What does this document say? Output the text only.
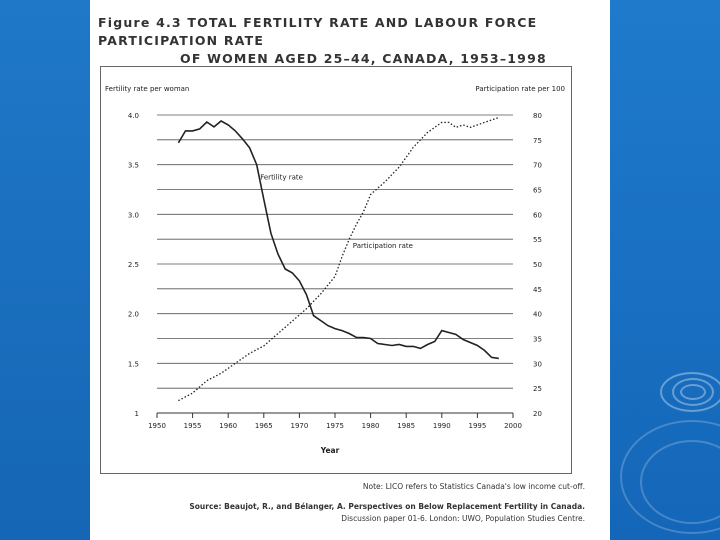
Figure 4.3 TOTAL FERTILITY RATE AND LABOUR FORCE PARTICIPATION RATE
OF WOMEN AGED 25–44, CANADA, 1953–1998
4.0
3.5
3.0
2.5
2.0
1.5
1
80
75
70
65
60
55
50
45
40
35
30
25
20
1950	1955	1960	1965	1970	1975	1980	1985	1990	1995	2000
Fertility rate per woman	Participation rate per 100
Year
Fertility rate
Participation rate
Note: LICO refers to Statistics Canada's low income cut-off.
Source: Beaujot, R., and Bélanger, A. Perspectives on Below Replacement Fertility in Canada.
Discussion paper 01-6. London: UWO, Population Studies Centre.
